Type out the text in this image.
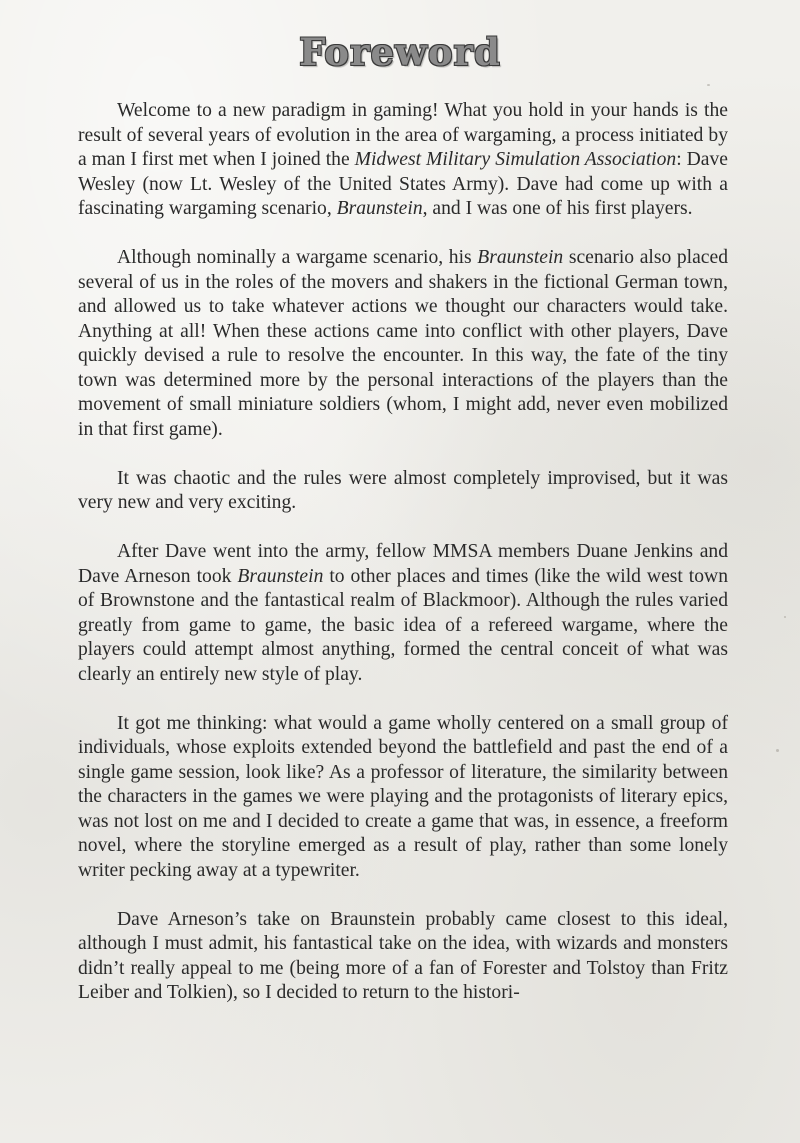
Foreword

Welcome to a new paradigm in gaming! What you hold in your hands is the result of several years of evolution in the area of wargaming, a process initiated by a man I first met when I joined the Midwest Military Simulation Association: Dave Wesley (now Lt. Wesley of the United States Army). Dave had come up with a fascinating wargaming scenario, Braunstein, and I was one of his first players.

Although nominally a wargame scenario, his Braunstein scenario also placed several of us in the roles of the movers and shakers in the fictional German town, and allowed us to take whatever actions we thought our characters would take. Anything at all! When these actions came into conflict with other players, Dave quickly devised a rule to resolve the encounter. In this way, the fate of the tiny town was determined more by the personal interactions of the players than the movement of small miniature soldiers (whom, I might add, never even mobilized in that first game).

It was chaotic and the rules were almost completely improvised, but it was very new and very exciting.

After Dave went into the army, fellow MMSA members Duane Jenkins and Dave Arneson took Braunstein to other places and times (like the wild west town of Brownstone and the fantastical realm of Blackmoor). Although the rules varied greatly from game to game, the basic idea of a refereed wargame, where the players could attempt almost anything, formed the central conceit of what was clearly an entirely new style of play.

It got me thinking: what would a game wholly centered on a small group of individuals, whose exploits extended beyond the battlefield and past the end of a single game session, look like? As a professor of literature, the similarity between the characters in the games we were playing and the protagonists of literary epics, was not lost on me and I decided to create a game that was, in essence, a freeform novel, where the storyline emerged as a result of play, rather than some lonely writer pecking away at a typewriter.

Dave Arneson’s take on Braunstein probably came closest to this ideal, although I must admit, his fantastical take on the idea, with wizards and monsters didn’t really appeal to me (being more of a fan of Forester and Tolstoy than Fritz Leiber and Tolkien), so I decided to return to the histori-
